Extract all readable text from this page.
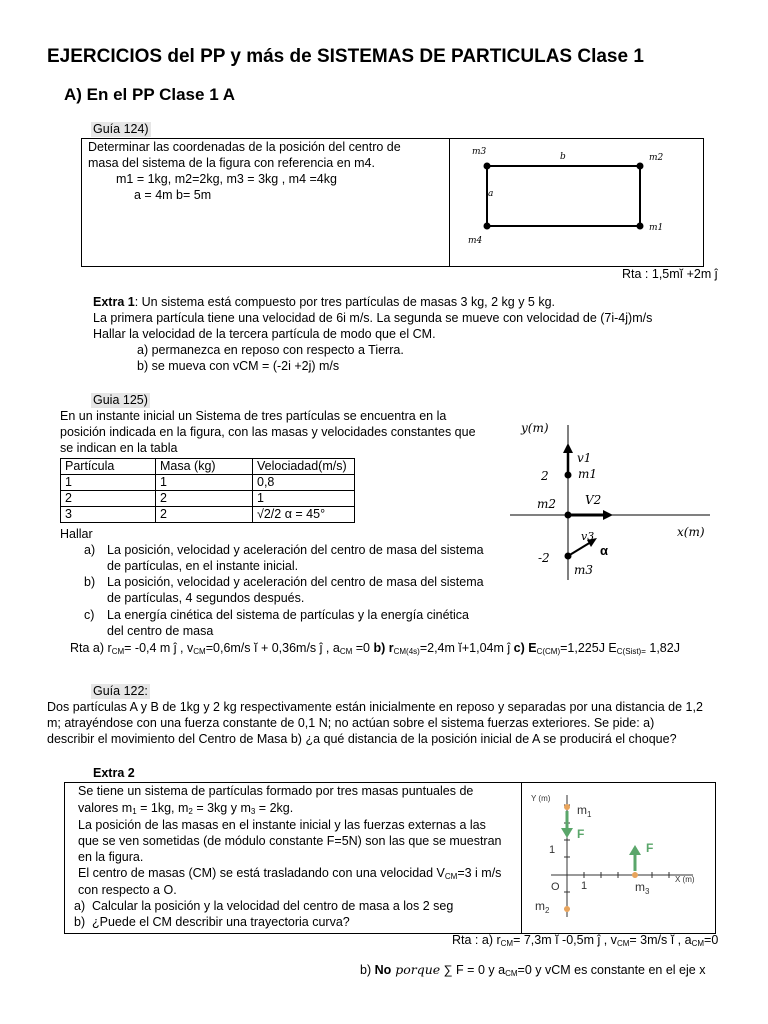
EJERCICIOS del PP y más de SISTEMAS DE PARTICULAS Clase 1
A) En el PP Clase 1 A
Guía 124)
Determinar las coordenadas de la posición del centro de
masa del sistema de la figura con referencia en m4.
m1 = 1kg, m2=2kg, m3 = 3kg , m4 =4kg
a = 4m b= 5m
m3	b	m2
a
m1
m4
Rta : 1,5mĭ +2m ĵ
Extra 1: Un sistema está compuesto por tres partículas de masas 3 kg, 2 kg y 5 kg.
La primera partícula tiene una velocidad de 6i m/s. La segunda se mueve con velocidad de (7i-4j)m/s
Hallar la velocidad de la tercera partícula de modo que el CM.
a) permanezca en reposo con respecto a Tierra.
b) se mueva con vCM = (-2i +2j) m/s
Guia 125)
En un instante inicial un Sistema de tres partículas se encuentra en la
posición indicada en la figura, con las masas y velocidades constantes que
se indican en la tabla
Partícula	Masa (kg)	Velociadad(m/s)
1	1	0,8
2	2	1
3	2	√2/2 α = 45°
Hallar
a) La posición, velocidad y aceleración del centro de masa del sistema
de partículas, en el instante inicial.
b) La posición, velocidad y aceleración del centro de masa del sistema
de partículas, 4 segundos después.
c) La energía cinética del sistema de partículas y la energía cinética
del centro de masa
y(m)
x(m)
v1
2 m1
m2 V2
v3
α
-2
m3
Rta a) $r_{CM}= -0,4$ m ĵ , $v_{CM}=0,6m/s$ ĭ + 0,36m/s ĵ , $a_{CM} =0$ b) $r_{CM(4s)}=2,4m$ ĭ+1,04m ĵ c) $E_{C(CM)}=1,225J$ $E_{C(Sist)=}$ 1,82J
Guía 122:
Dos partículas A y B de 1kg y 2 kg respectivamente están inicialmente en reposo y separadas por una distancia de 1,2
m; atrayéndose con una fuerza constante de 0,1 N; no actúan sobre el sistema fuerzas exteriores. Se pide: a)
describir el movimiento del Centro de Masa b) ¿a qué distancia de la posición inicial de A se producirá el choque?
Extra 2
Se tiene un sistema de partículas formado por tres masas puntuales de
valores $m_1 = 1kg$, $m_2 = 3kg$ y $m_3 = 2kg$.
La posición de las masas en el instante inicial y las fuerzas externas a las
que se ven sometidas (de módulo constante F=5N) son las que se muestran
en la figura.
El centro de masas (CM) se está trasladando con una velocidad $V_{CM}=3$ i m/s
con respecto a O.
a) Calcular la posición y la velocidad del centro de masa a los 2 seg
b) ¿Puede el CM describir una trayectoria curva?
Y (m)
X (m)
$m_1$
F
1
O 1
F
$m_3$
$m_2$
Rta : a) $r_{CM}= 7,3m$ ĭ -0,5m ĵ , $v_{CM}= 3m/s$ ĭ , $a_{CM}=0$
b) No porque ∑ F = 0 y $a_{CM}=0$ y vCM es constante en el eje x
